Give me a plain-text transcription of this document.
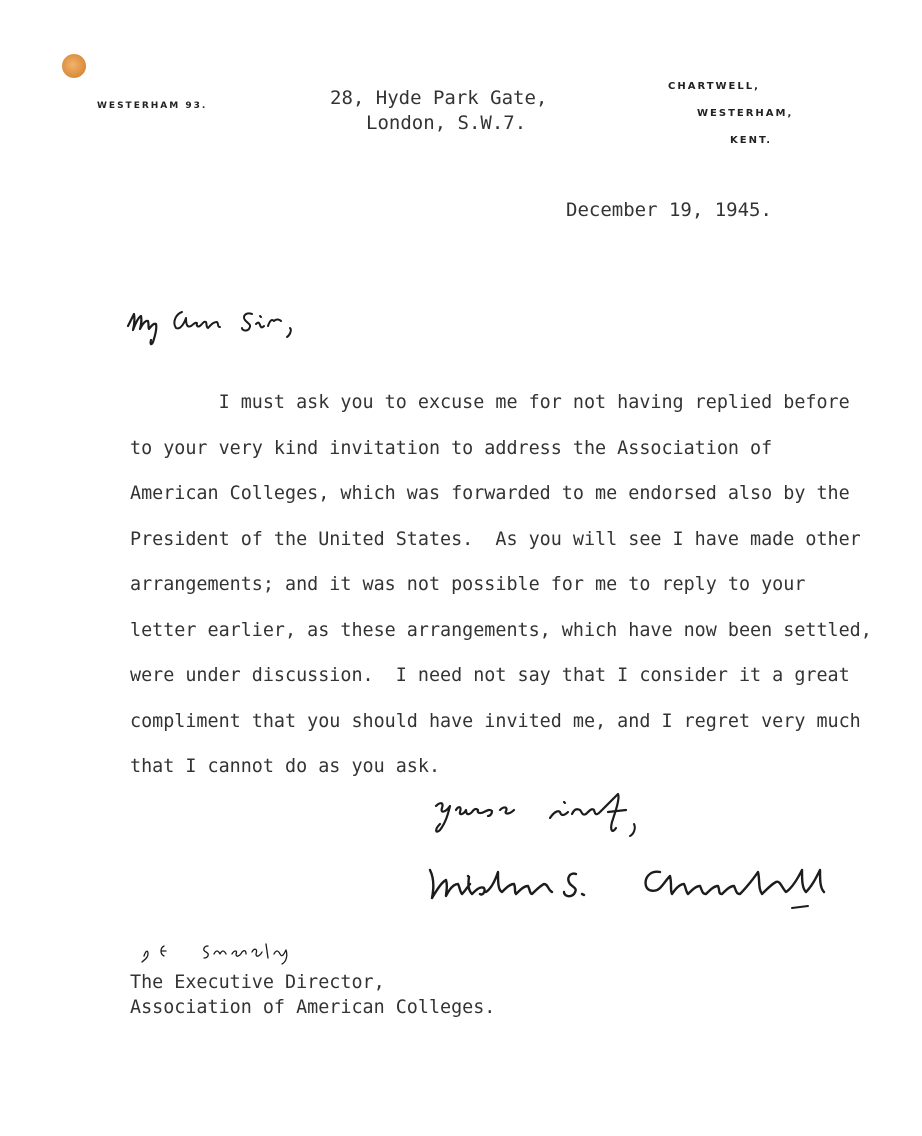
WESTERHAM 93.	28, Hyde Park Gate,
London, S.W.7.
CHARTWELL,
WESTERHAM,
KENT.
December 19, 1945.
I must ask you to excuse me for not having replied before
to your very kind invitation to address the Association of
American Colleges, which was forwarded to me endorsed also by the
President of the United States.  As you will see I have made other
arrangements; and it was not possible for me to reply to your
letter earlier, as these arrangements, which have now been settled,
were under discussion.  I need not say that I consider it a great
compliment that you should have invited me, and I regret very much
that I cannot do as you ask.
The Executive Director,
Association of American Colleges.
